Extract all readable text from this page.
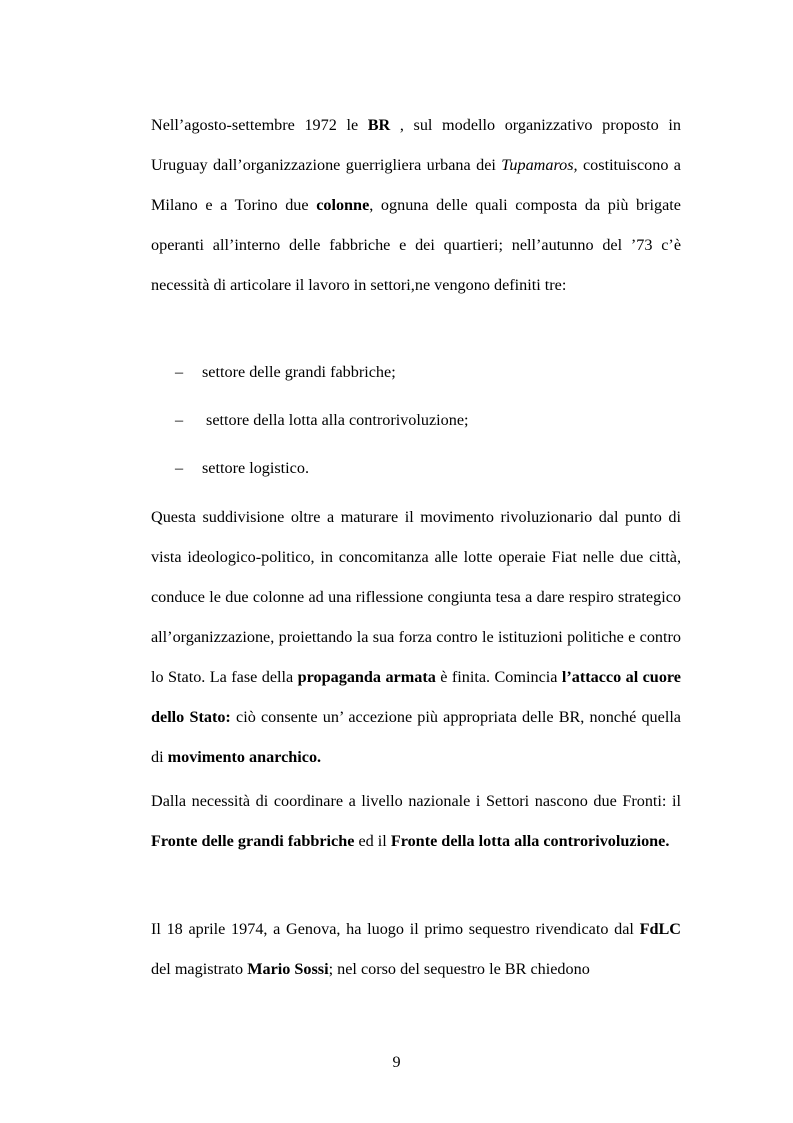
Nell’agosto-settembre 1972 le BR , sul modello organizzativo proposto in Uruguay dall’organizzazione guerrigliera urbana dei Tupamaros, costituiscono a Milano e a Torino due colonne, ognuna delle quali composta da più brigate operanti all’interno delle fabbriche e dei quartieri; nell’autunno del ’73 c’è necessità di articolare il lavoro in settori,ne vengono definiti tre:

–	settore delle grandi fabbriche;
–	settore della lotta alla controrivoluzione;
–	settore logistico.

Questa suddivisione oltre a maturare il movimento rivoluzionario dal punto di vista ideologico-politico, in concomitanza alle lotte operaie Fiat nelle due città, conduce le due colonne ad una riflessione congiunta tesa a dare respiro strategico all’organizzazione, proiettando la sua forza contro le istituzioni politiche e contro lo Stato. La fase della propaganda armata è finita. Comincia l’attacco al cuore dello Stato: ciò consente un’ accezione più appropriata delle BR, nonché quella di movimento anarchico.

Dalla necessità di coordinare a livello nazionale i Settori nascono due Fronti: il Fronte delle grandi fabbriche ed il Fronte della lotta alla controrivoluzione.

Il 18 aprile 1974, a Genova, ha luogo il primo sequestro rivendicato dal FdLC del magistrato Mario Sossi; nel corso del sequestro le BR chiedono

9
